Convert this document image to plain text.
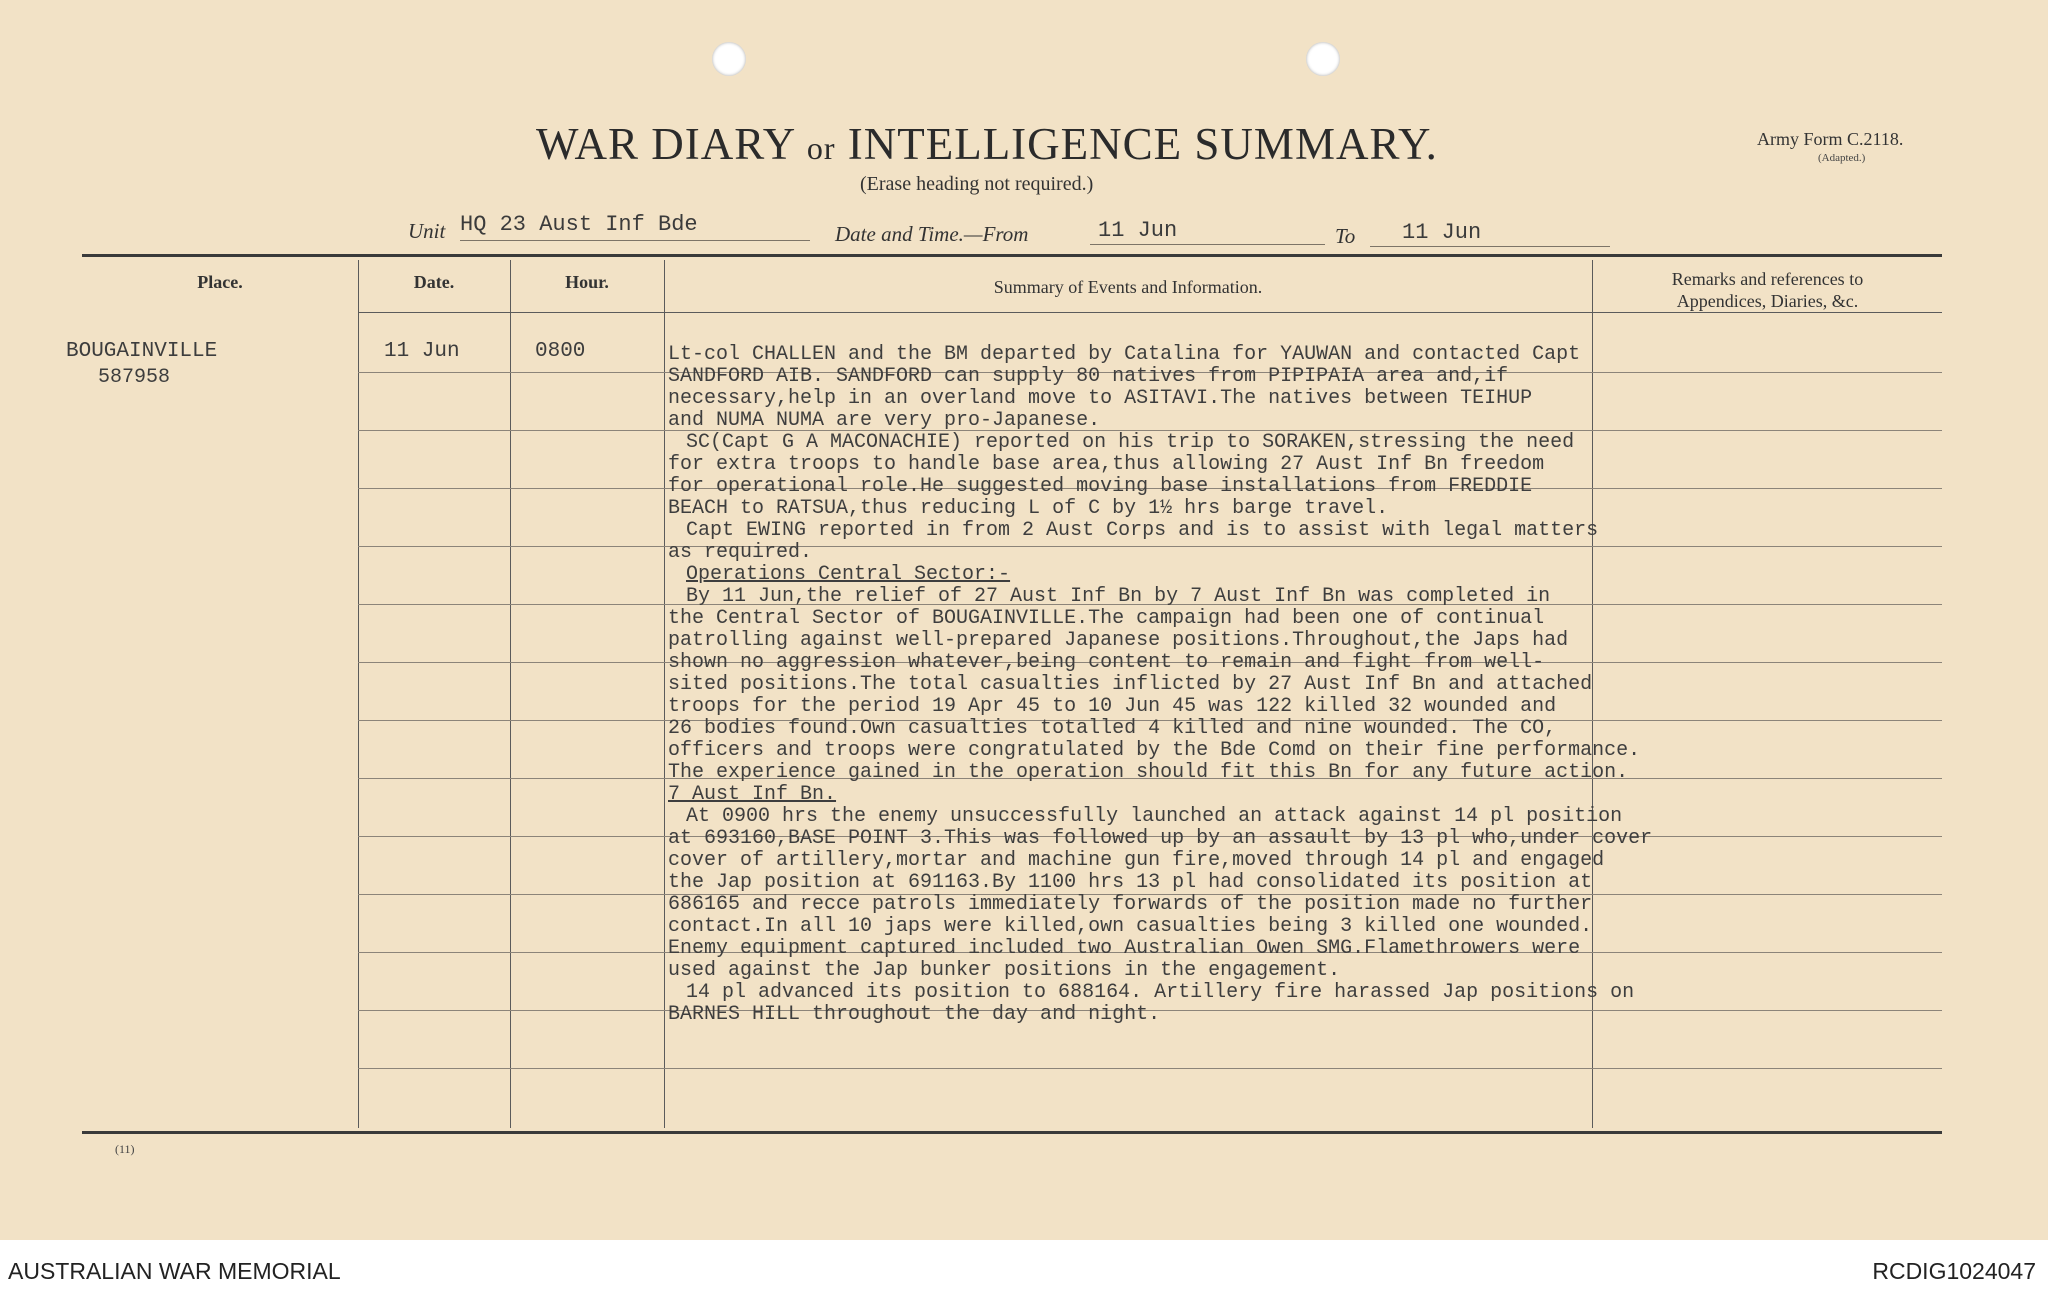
WAR DIARY or INTELLIGENCE SUMMARY.
(Erase heading not required.)
Army Form C.2118.
(Adapted.)
Unit HQ 23 Aust Inf Bde	Date and Time.—From	11 Jun	To 11 Jun
Place.	Date.	Hour.	Summary of Events and Information.	Remarks and references to
Appendices, Diaries, &c.
BOUGAINVILLE
587958
11 Jun	0800	Lt-col CHALLEN and the BM departed by Catalina for YAUWAN and contacted Capt
SANDFORD AIB. SANDFORD can supply 80 natives from PIPIPAIA area and,if
necessary,help in an overland move to ASITAVI.The natives between TEIHUP
and NUMA NUMA are very pro-Japanese.
SC(Capt G A MACONACHIE) reported on his trip to SORAKEN,stressing the need
for extra troops to handle base area,thus allowing 27 Aust Inf Bn freedom
for operational role.He suggested moving base installations from FREDDIE
BEACH to RATSUA,thus reducing L of C by 1½ hrs barge travel.
Capt EWING reported in from 2 Aust Corps and is to assist with legal matters
as required.
Operations Central Sector:-
By 11 Jun,the relief of 27 Aust Inf Bn by 7 Aust Inf Bn was completed in
the Central Sector of BOUGAINVILLE.The campaign had been one of continual
patrolling against well-prepared Japanese positions.Throughout,the Japs had
shown no aggression whatever,being content to remain and fight from well-
sited positions.The total casualties inflicted by 27 Aust Inf Bn and attached
troops for the period 19 Apr 45 to 10 Jun 45 was 122 killed 32 wounded and
26 bodies found.Own casualties totalled 4 killed and nine wounded. The CO,
officers and troops were congratulated by the Bde Comd on their fine performance.
The experience gained in the operation should fit this Bn for any future action.
7 Aust Inf Bn.
At 0900 hrs the enemy unsuccessfully launched an attack against 14 pl position
at 693160,BASE POINT 3.This was followed up by an assault by 13 pl who,under cover
cover of artillery,mortar and machine gun fire,moved through 14 pl and engaged
the Jap position at 691163.By 1100 hrs 13 pl had consolidated its position at
686165 and recce patrols immediately forwards of the position made no further
contact.In all 10 japs were killed,own casualties being 3 killed one wounded.
Enemy equipment captured included two Australian Owen SMG.Flamethrowers were
used against the Jap bunker positions in the engagement.
14 pl advanced its position to 688164. Artillery fire harassed Jap positions on
BARNES HILL throughout the day and night.
(11)
AUSTRALIAN WAR MEMORIAL	RCDIG1024047
